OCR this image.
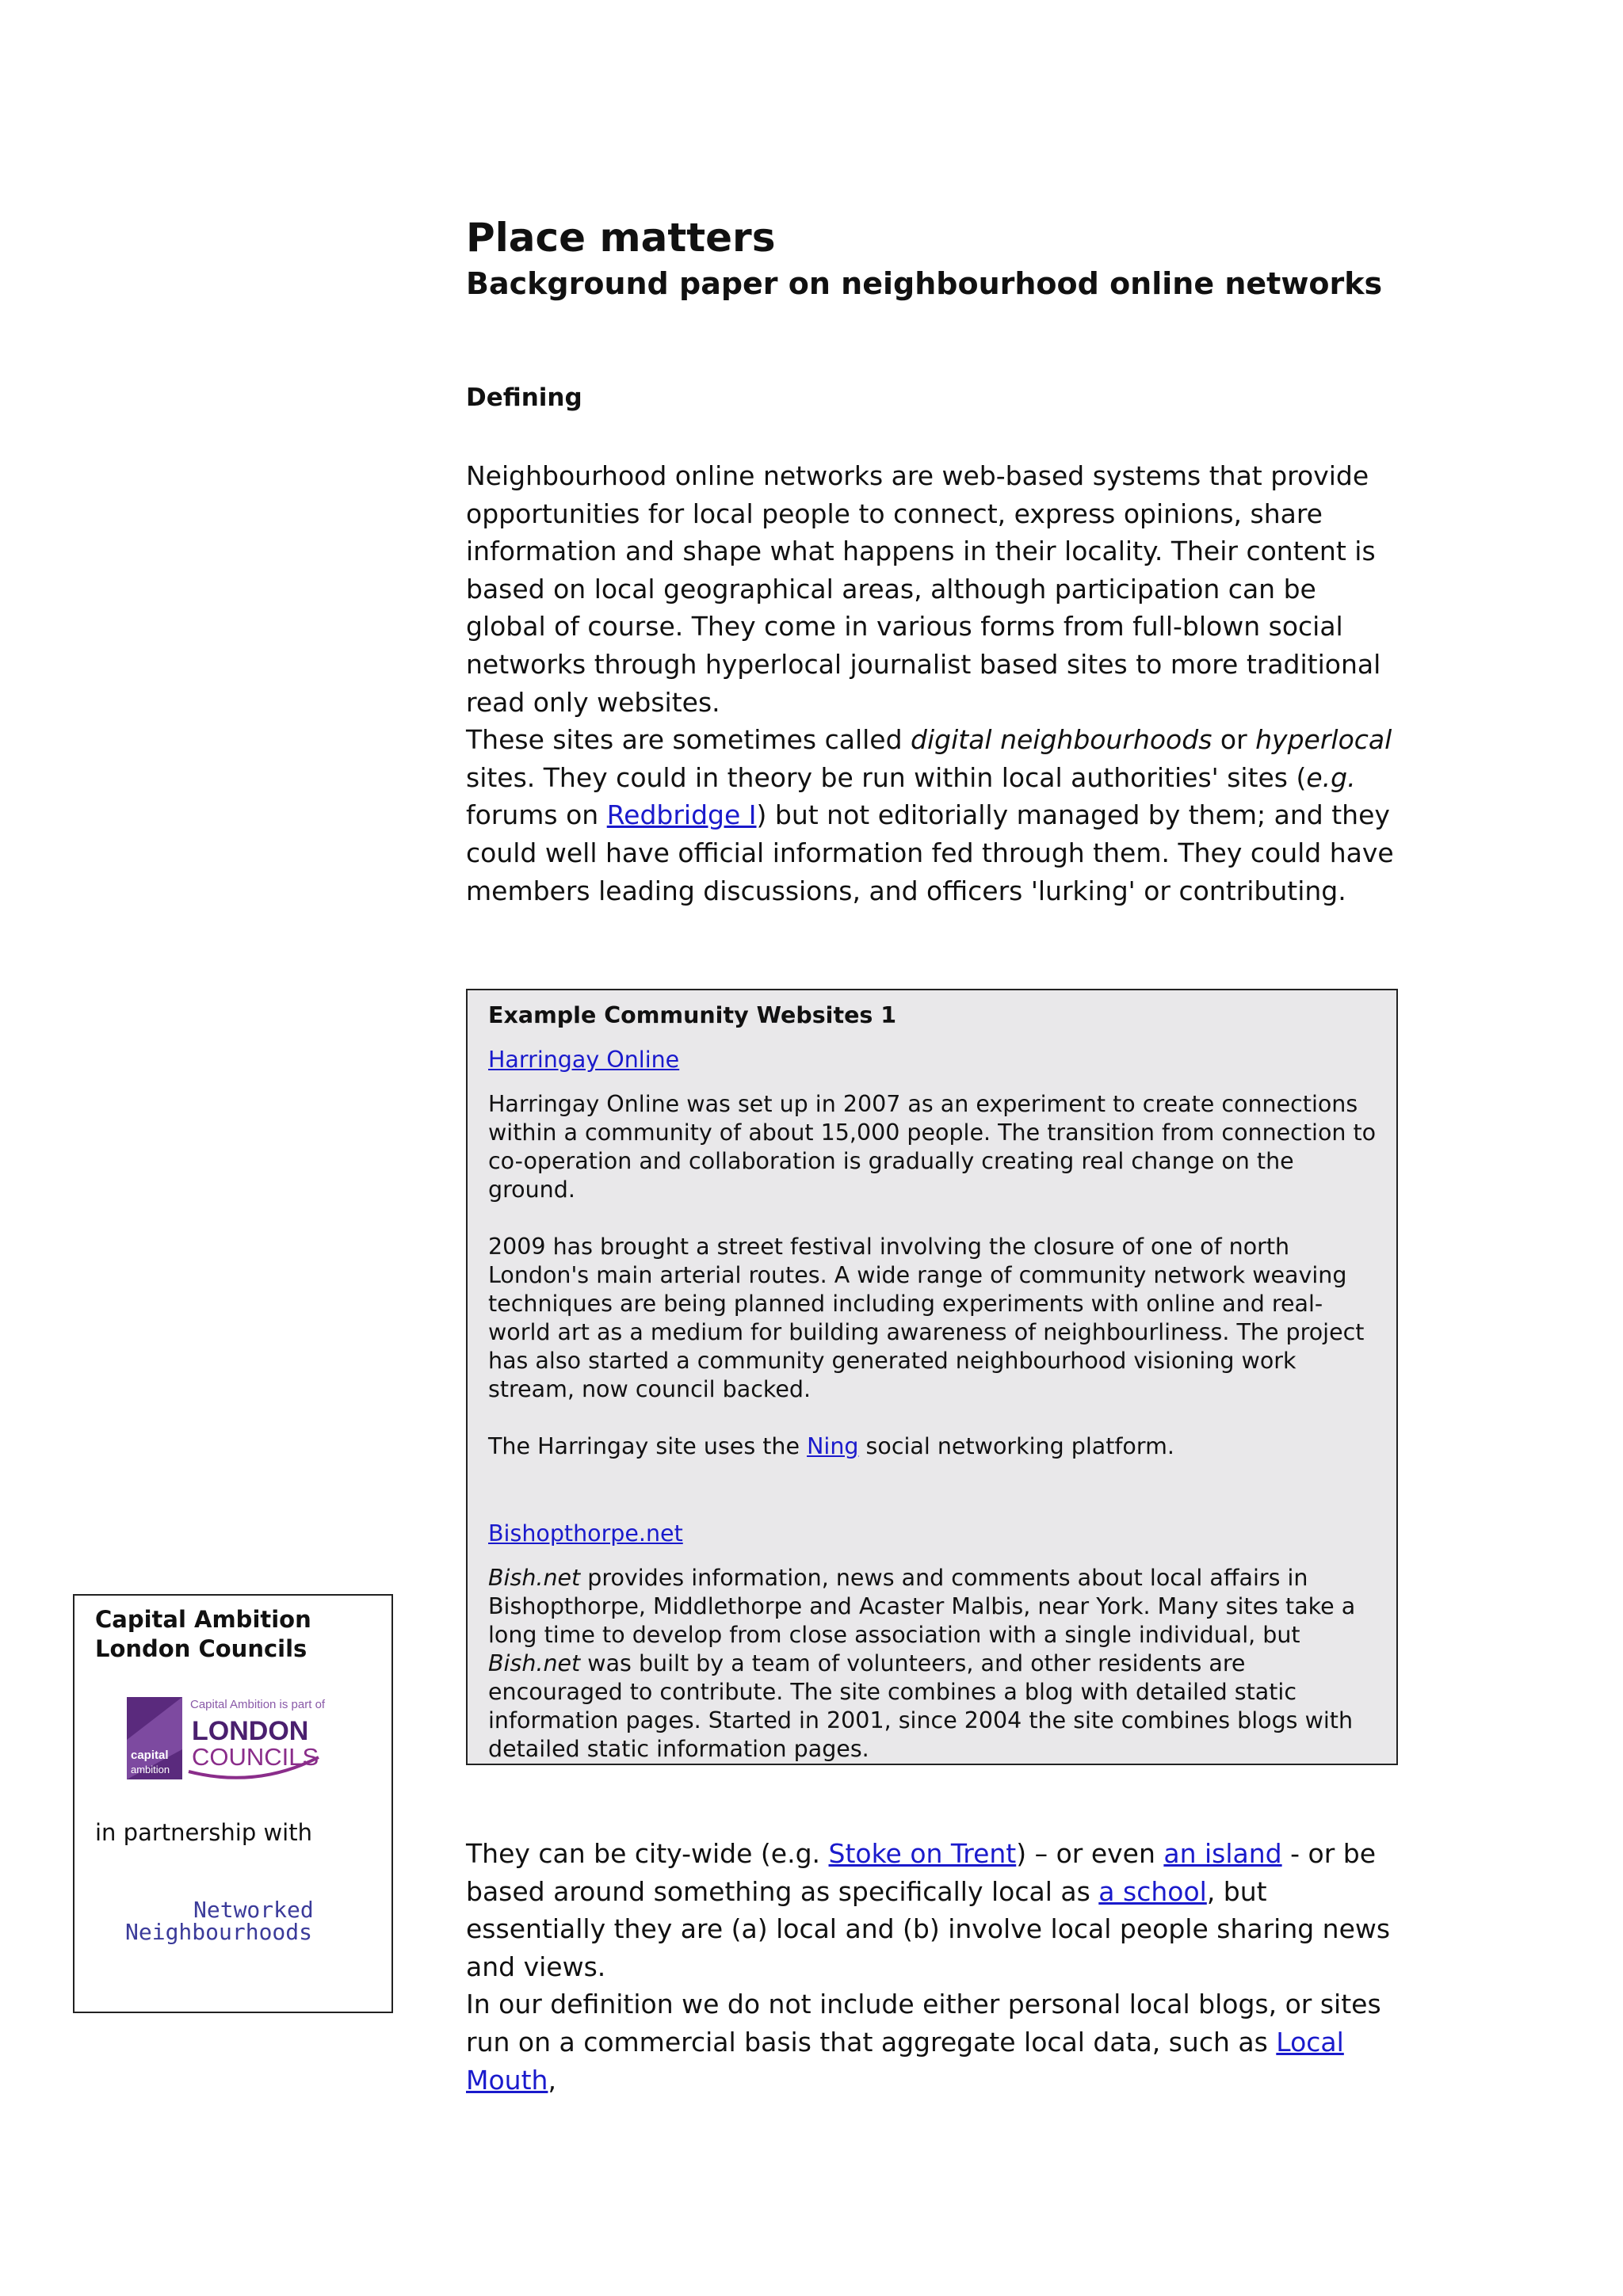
Place matters
Background paper on neighbourhood online networks
Defining

Neighbourhood online networks are web-based systems that provide opportunities for local people to connect, express opinions, share information and shape what happens in their locality. Their content is based on local geographical areas, although participation can be global of course. They come in various forms from full-blown social networks through hyperlocal journalist based sites to more traditional read only websites.

These sites are sometimes called digital neighbourhoods or hyperlocal sites. They could in theory be run within local authorities' sites (e.g. forums on Redbridge I) but not editorially managed by them; and they could well have official information fed through them. They could have members leading discussions, and officers 'lurking' or contributing.

Example Community Websites 1

Harringay Online

Harringay Online was set up in 2007 as an experiment to create connections within a community of about 15,000 people. The transition from connection to co-operation and collaboration is gradually creating real change on the ground.

2009 has brought a street festival involving the closure of one of north London's main arterial routes. A wide range of community network weaving techniques are being planned including experiments with online and real-world art as a medium for building awareness of neighbourliness. The project has also started a community generated neighbourhood visioning work stream, now council backed.

The Harringay site uses the Ning social networking platform.

Bishopthorpe.net

Bish.net provides information, news and comments about local affairs in Bishopthorpe, Middlethorpe and Acaster Malbis, near York. Many sites take a long time to develop from close association with a single individual, but Bish.net was built by a team of volunteers, and other residents are encouraged to contribute. The site combines a blog with detailed static information pages. Started in 2001, since 2004 the site combines blogs with detailed static information pages.

They can be city-wide (e.g. Stoke on Trent) – or even an island - or be based around something as specifically local as a school, but essentially they are (a) local and (b) involve local people sharing news and views.

In our definition we do not include either personal local blogs, or sites run on a commercial basis that aggregate local data, such as Local Mouth,

Capital Ambition

London Councils

capital
ambition
Capital Ambition is part of
LONDON
COUNCILS

in partnership with

Networked
Neighbourhoods
